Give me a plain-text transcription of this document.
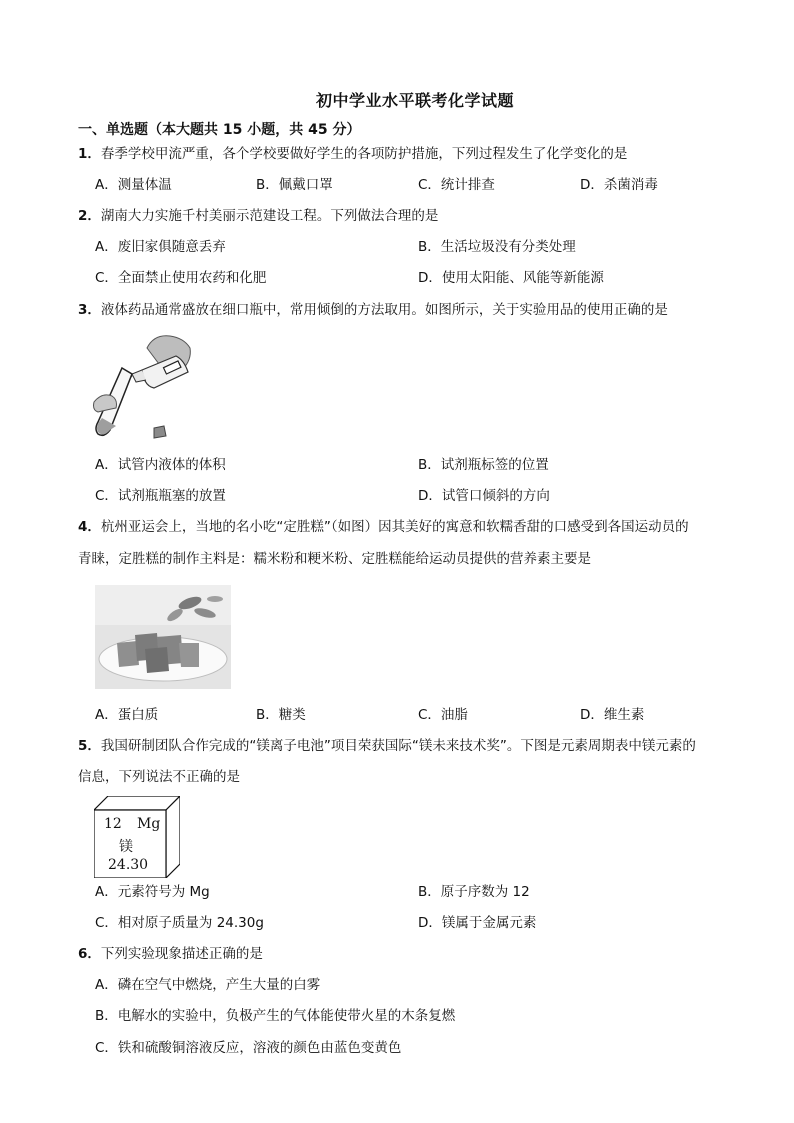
初中学业水平联考化学试题
一、单选题（本大题共 15 小题，共 45 分）
1．春季学校甲流严重，各个学校要做好学生的各项防护措施，下列过程发生了化学变化的是
A．测量体温	B．佩戴口罩	C．统计排查	D．杀菌消毒
2．湖南大力实施千村美丽示范建设工程。下列做法合理的是
A．废旧家俱随意丢弃	B．生活垃圾没有分类处理
C．全面禁止使用农药和化肥	D．使用太阳能、风能等新能源
3．液体药品通常盛放在细口瓶中，常用倾倒的方法取用。如图所示，关于实验用品的使用正确的是
A．试管内液体的体积	B．试剂瓶标签的位置
C．试剂瓶瓶塞的放置	D．试管口倾斜的方向
4．杭州亚运会上，当地的名小吃“定胜糕”（如图）因其美好的寓意和软糯香甜的口感受到各国运动员的
青睐，定胜糕的制作主料是：糯米粉和粳米粉、定胜糕能给运动员提供的营养素主要是
A．蛋白质	B．糖类	C．油脂	D．维生素
5．我国研制团队合作完成的“镁离子电池”项目荣获国际“镁未来技术奖”。下图是元素周期表中镁元素的
信息，下列说法不正确的是
12 Mg
镁
24.30
A．元素符号为 Mg	B．原子序数为 12
C．相对原子质量为 24.30g	D．镁属于金属元素
6．下列实验现象描述正确的是
A．磷在空气中燃烧，产生大量的白雾
B．电解水的实验中，负极产生的气体能使带火星的木条复燃
C．铁和硫酸铜溶液反应，溶液的颜色由蓝色变黄色
